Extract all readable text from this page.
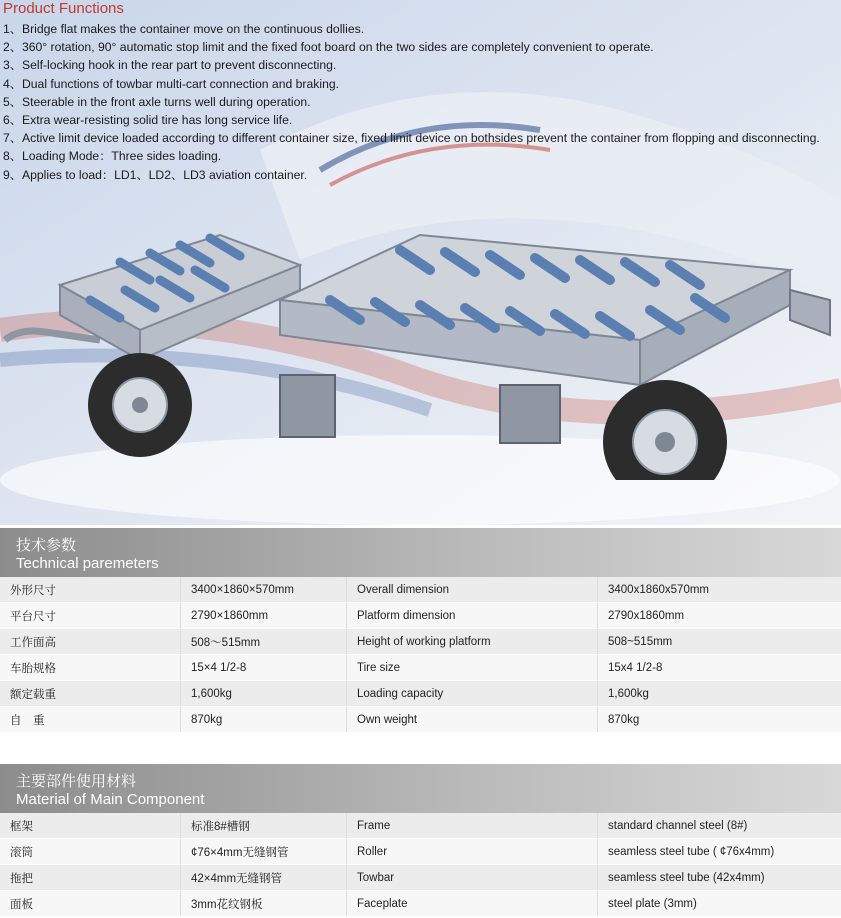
Product Functions
1、Bridge flat makes the container move on the continuous dollies.
2、360° rotation, 90° automatic stop limit and the fixed foot board on the two sides are completely convenient to operate.
3、Self-locking hook in the rear part to prevent disconnecting.
4、Dual functions of towbar multi-cart connection and braking.
5、Steerable in the front axle turns well during operation.
6、Extra wear-resisting solid tire has long service life.
7、Active limit device loaded according to different container size, fixed limit device on bothsides prevent the container from flopping and disconnecting.
8、Loading Mode：Three sides loading.
9、Applies to load：LD1、LD2、LD3 aviation container.
技术参数
Technical paremeters
外形尺寸	3400×1860×570mm	Overall dimension	3400x1860x570mm
平台尺寸	2790×1860mm	Platform dimension	2790x1860mm
工作面高	508～515mm	Height of working platform	508~515mm
车胎规格	15×4 1/2-8	Tire size	15x4 1/2-8
额定载重	1,600kg	Loading capacity	1,600kg
自　重	870kg	Own weight	870kg
主要部件使用材料
Material of Main Component
框架	标准8#槽钢	Frame	standard channel steel (8#)
滚筒	¢76×4mm无缝钢管	Roller	seamless steel tube ( ¢76x4mm)
拖把	42×4mm无缝钢管	Towbar	seamless steel tube (42x4mm)
面板	3mm花纹钢板	Faceplate	steel plate (3mm)
